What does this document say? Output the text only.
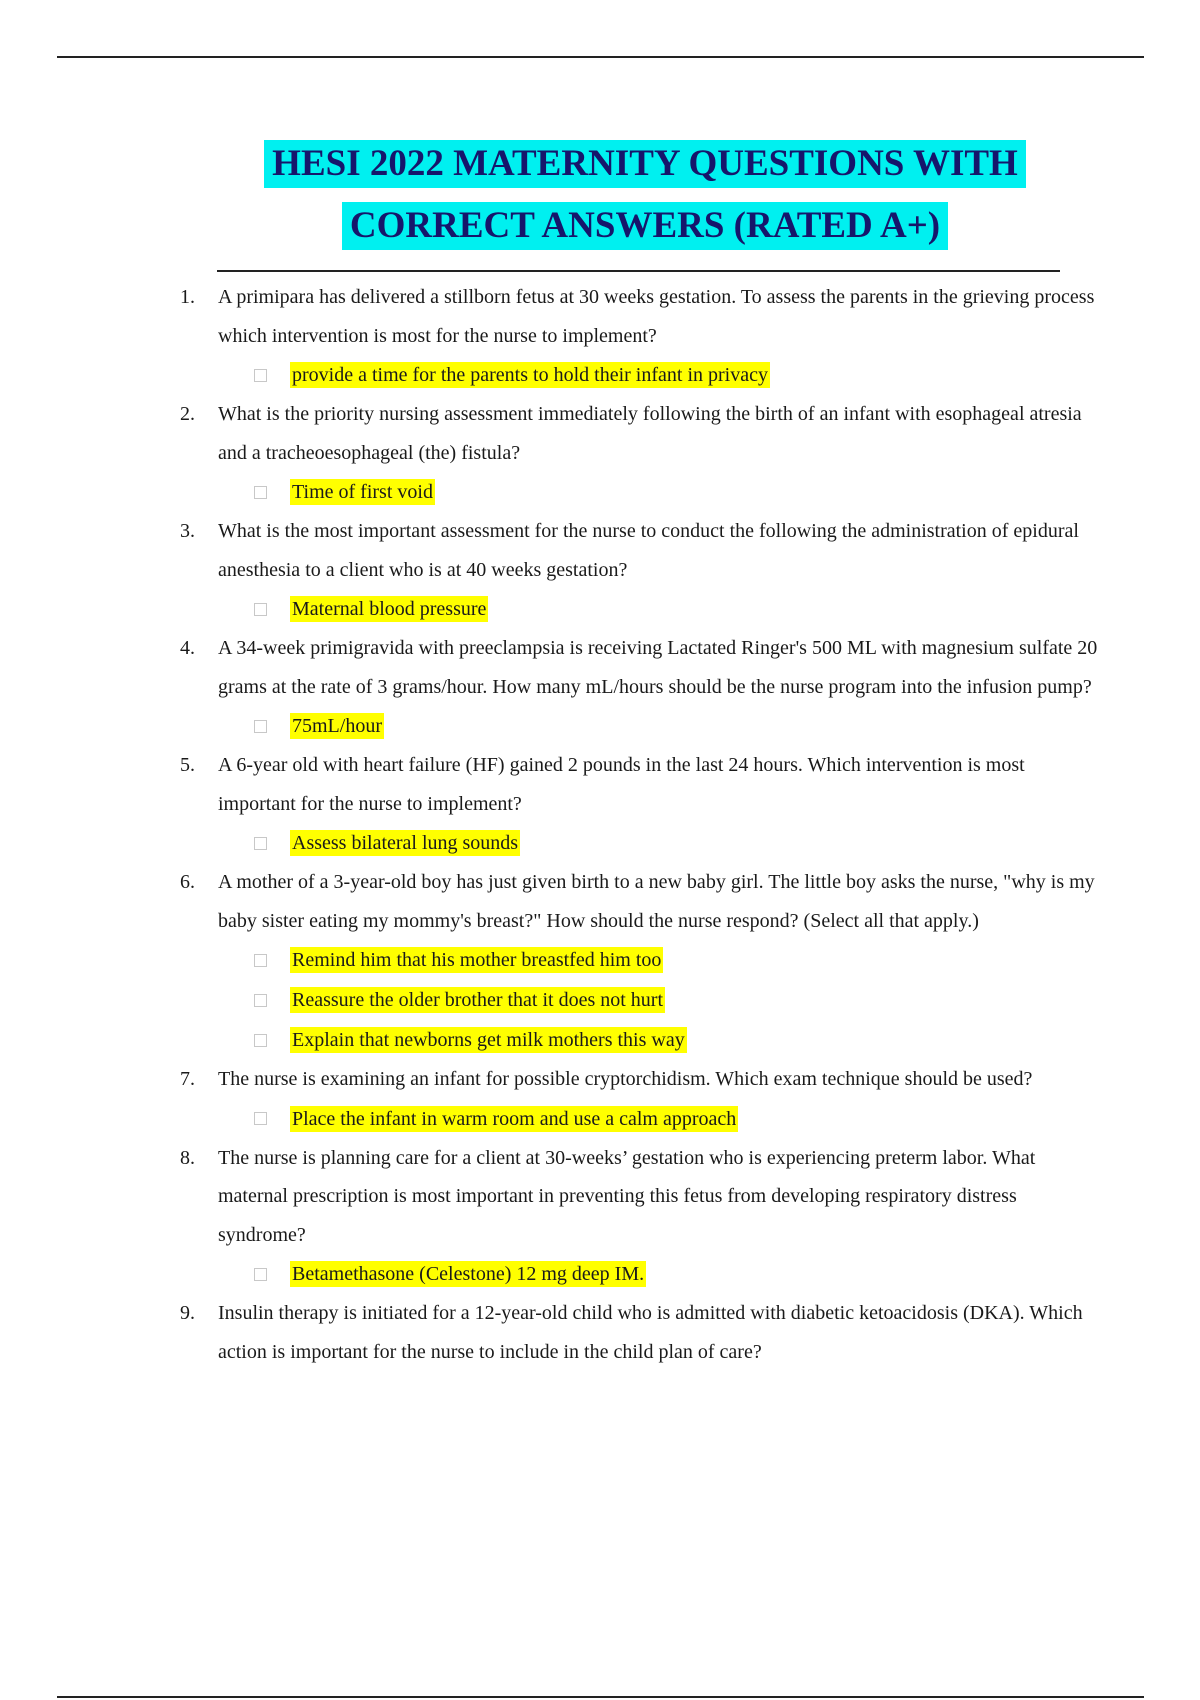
HESI 2022 MATERNITY QUESTIONS WITH
CORRECT ANSWERS (RATED A+)
1. A primipara has delivered a stillborn fetus at 30 weeks gestation. To assess the parents in the grieving process which intervention is most for the nurse to implement?
provide a time for the parents to hold their infant in privacy
2. What is the priority nursing assessment immediately following the birth of an infant with esophageal atresia and a tracheoesophageal (the) fistula?
Time of first void
3. What is the most important assessment for the nurse to conduct the following the administration of epidural anesthesia to a client who is at 40 weeks gestation?
Maternal blood pressure
4. A 34-week primigravida with preeclampsia is receiving Lactated Ringer's 500 ML with magnesium sulfate 20 grams at the rate of 3 grams/hour. How many mL/hours should be the nurse program into the infusion pump?
75mL/hour
5. A 6-year old with heart failure (HF) gained 2 pounds in the last 24 hours. Which intervention is most important for the nurse to implement?
Assess bilateral lung sounds
6. A mother of a 3-year-old boy has just given birth to a new baby girl. The little boy asks the nurse, "why is my baby sister eating my mommy's breast?" How should the nurse respond? (Select all that apply.)
Remind him that his mother breastfed him too
Reassure the older brother that it does not hurt
Explain that newborns get milk mothers this way
7. The nurse is examining an infant for possible cryptorchidism. Which exam technique should be used?
Place the infant in warm room and use a calm approach
8. The nurse is planning care for a client at 30-weeks’ gestation who is experiencing preterm labor. What maternal prescription is most important in preventing this fetus from developing respiratory distress syndrome?
Betamethasone (Celestone) 12 mg deep IM.
9. Insulin therapy is initiated for a 12-year-old child who is admitted with diabetic ketoacidosis (DKA). Which action is important for the nurse to include in the child plan of care?
